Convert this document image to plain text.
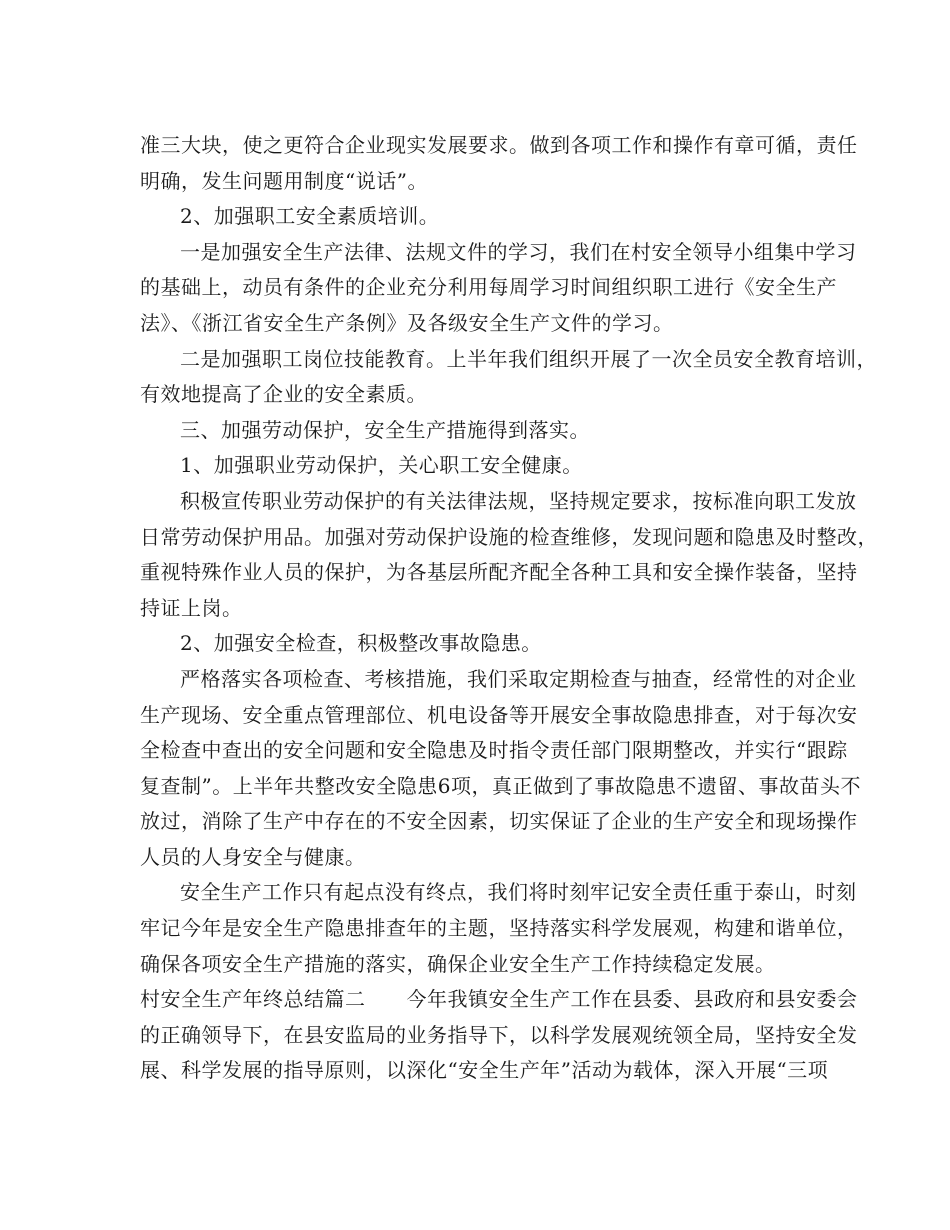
准三大块，使之更符合企业现实发展要求。做到各项工作和操作有章可循，责任
明确，发生问题用制度“说话”。
2、加强职工安全素质培训。
一是加强安全生产法律、法规文件的学习，我们在村安全领导小组集中学习
的基础上，动员有条件的企业充分利用每周学习时间组织职工进行《安全生产
法》、《浙江省安全生产条例》及各级安全生产文件的学习。
二是加强职工岗位技能教育。上半年我们组织开展了一次全员安全教育培训，
有效地提高了企业的安全素质。
三、加强劳动保护，安全生产措施得到落实。
1、加强职业劳动保护，关心职工安全健康。
积极宣传职业劳动保护的有关法律法规，坚持规定要求，按标准向职工发放
日常劳动保护用品。加强对劳动保护设施的检查维修，发现问题和隐患及时整改，
重视特殊作业人员的保护，为各基层所配齐配全各种工具和安全操作装备，坚持
持证上岗。
2、加强安全检查，积极整改事故隐患。
严格落实各项检查、考核措施，我们采取定期检查与抽查，经常性的对企业
生产现场、安全重点管理部位、机电设备等开展安全事故隐患排查，对于每次安
全检查中查出的安全问题和安全隐患及时指令责任部门限期整改，并实行“跟踪
复查制”。上半年共整改安全隐患6项，真正做到了事故隐患不遗留、事故苗头不
放过，消除了生产中存在的不安全因素，切实保证了企业的生产安全和现场操作
人员的人身安全与健康。
安全生产工作只有起点没有终点，我们将时刻牢记安全责任重于泰山，时刻
牢记今年是安全生产隐患排查年的主题，坚持落实科学发展观，构建和谐单位，
确保各项安全生产措施的落实，确保企业安全生产工作持续稳定发展。
村安全生产年终总结篇二　　今年我镇安全生产工作在县委、县政府和县安委会
的正确领导下，在县安监局的业务指导下，以科学发展观统领全局，坚持安全发
展、科学发展的指导原则，以深化“安全生产年”活动为载体，深入开展“三项
